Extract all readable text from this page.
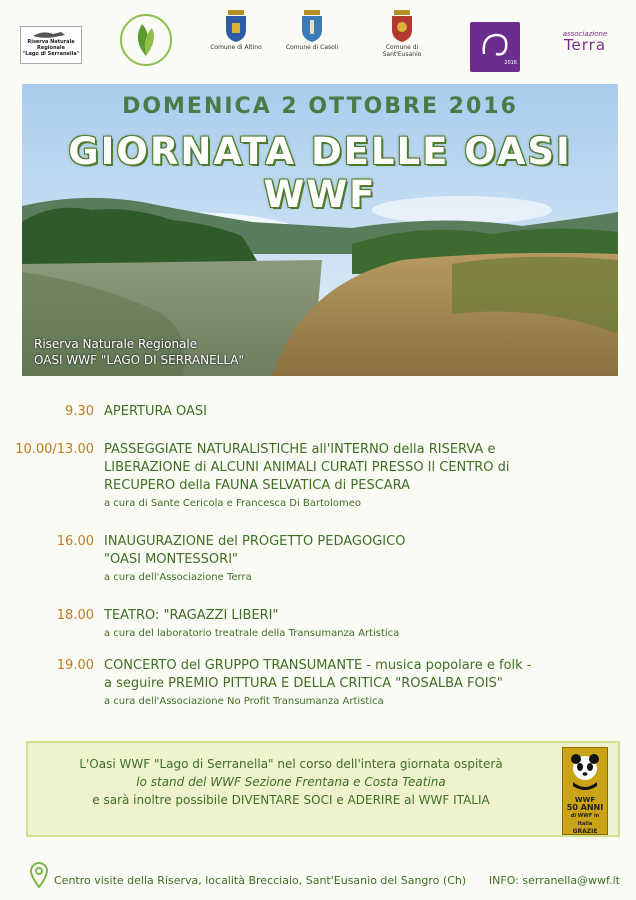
Riserva Naturale Regionale
"Lago di Serranella"
Comune di Altino	Comune di Casoli	Comune di
Sant'Eusanio
2016
associazione
Terra
DOMENICA 2 OTTOBRE 2016
GIORNATA DELLE OASI WWF
Riserva Naturale Regionale
OASI WWF "LAGO DI SERRANELLA"
9.30 APERTURA OASI
10.00/13.00 PASSEGGIATE NATURALISTICHE all'INTERNO della RISERVA e
LIBERAZIONE di ALCUNI ANIMALI CURATI PRESSO Il CENTRO di
RECUPERO della FAUNA SELVATICA di PESCARA
a cura di Sante Cericola e Francesca Di Bartolomeo
16.00 INAUGURAZIONE del PROGETTO PEDAGOGICO
"OASI MONTESSORI"
a cura dell'Associazione Terra
18.00 TEATRO: "RAGAZZI LIBERI"
a cura del laboratorio treatrale della Transumanza Artistica
19.00 CONCERTO del GRUPPO TRANSUMANTE - musica popolare e folk -
a seguire PREMIO PITTURA E DELLA CRITICA "ROSALBA FOIS"
a cura dell'Associazione No Profit Transumanza Artistica
L'Oasi WWF "Lago di Serranella" nel corso dell'intera giornata ospiterà
lo stand del WWF Sezione Frentana e Costa Teatina
e sarà inoltre possibile DIVENTARE SOCI e ADERIRE al WWF ITALIA	WWF
50 ANNI
di WWF in Italia
GRAZIE
Centro visite della Riserva, località Brecciaio, Sant'Eusanio del Sangro (Ch) INFO: serranella@wwf.it
